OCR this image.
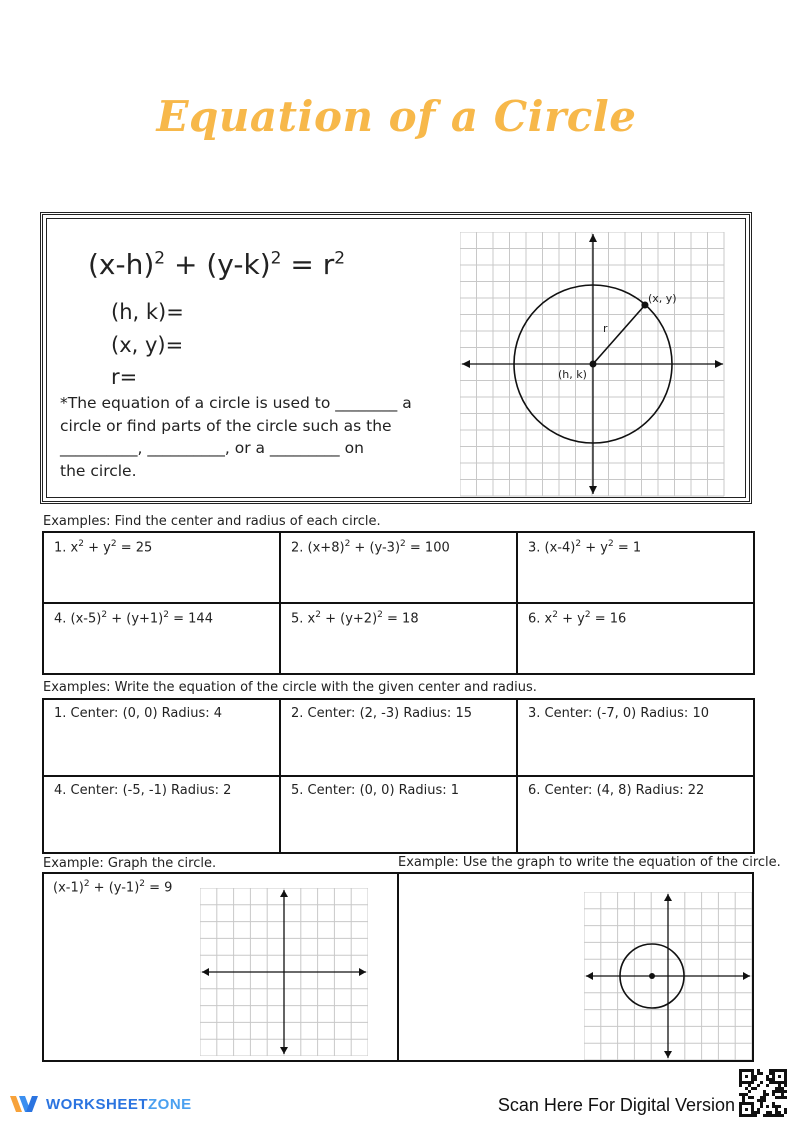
Equation of a Circle
$(x-h)^2 + (y-k)^2 = r^2$
(h, k)=
(x, y)=
r=
*The equation of a circle is used to ________ a
circle or find parts of the circle such as the
__________, __________, or a _________ on
the circle.
(x, y)
(h, k)
r
Examples: Find the center and radius of each circle.
1. $x^2 + y^2 = 25$	2. $(x+8)^2 + (y-3)^2 = 100$	3. $(x-4)^2 + y^2 = 1$
4. $(x-5)^2 + (y+1)^2 = 144$	5. $x^2 + (y+2)^2 = 18$	6. $x^2 + y^2 = 16$
Examples: Write the equation of the circle with the given center and radius.
1. Center: (0, 0) Radius: 4	2. Center: (2, -3) Radius: 15	3. Center: (-7, 0) Radius: 10
4. Center: (-5, -1) Radius: 2	5. Center: (0, 0) Radius: 1	6. Center: (4, 8) Radius: 22
Example: Graph the circle.	Example: Use the graph to write the equation of the circle.
$(x-1)^2 + (y-1)^2 = 9$
WORKSHEETZONE	Scan Here For Digital Version
